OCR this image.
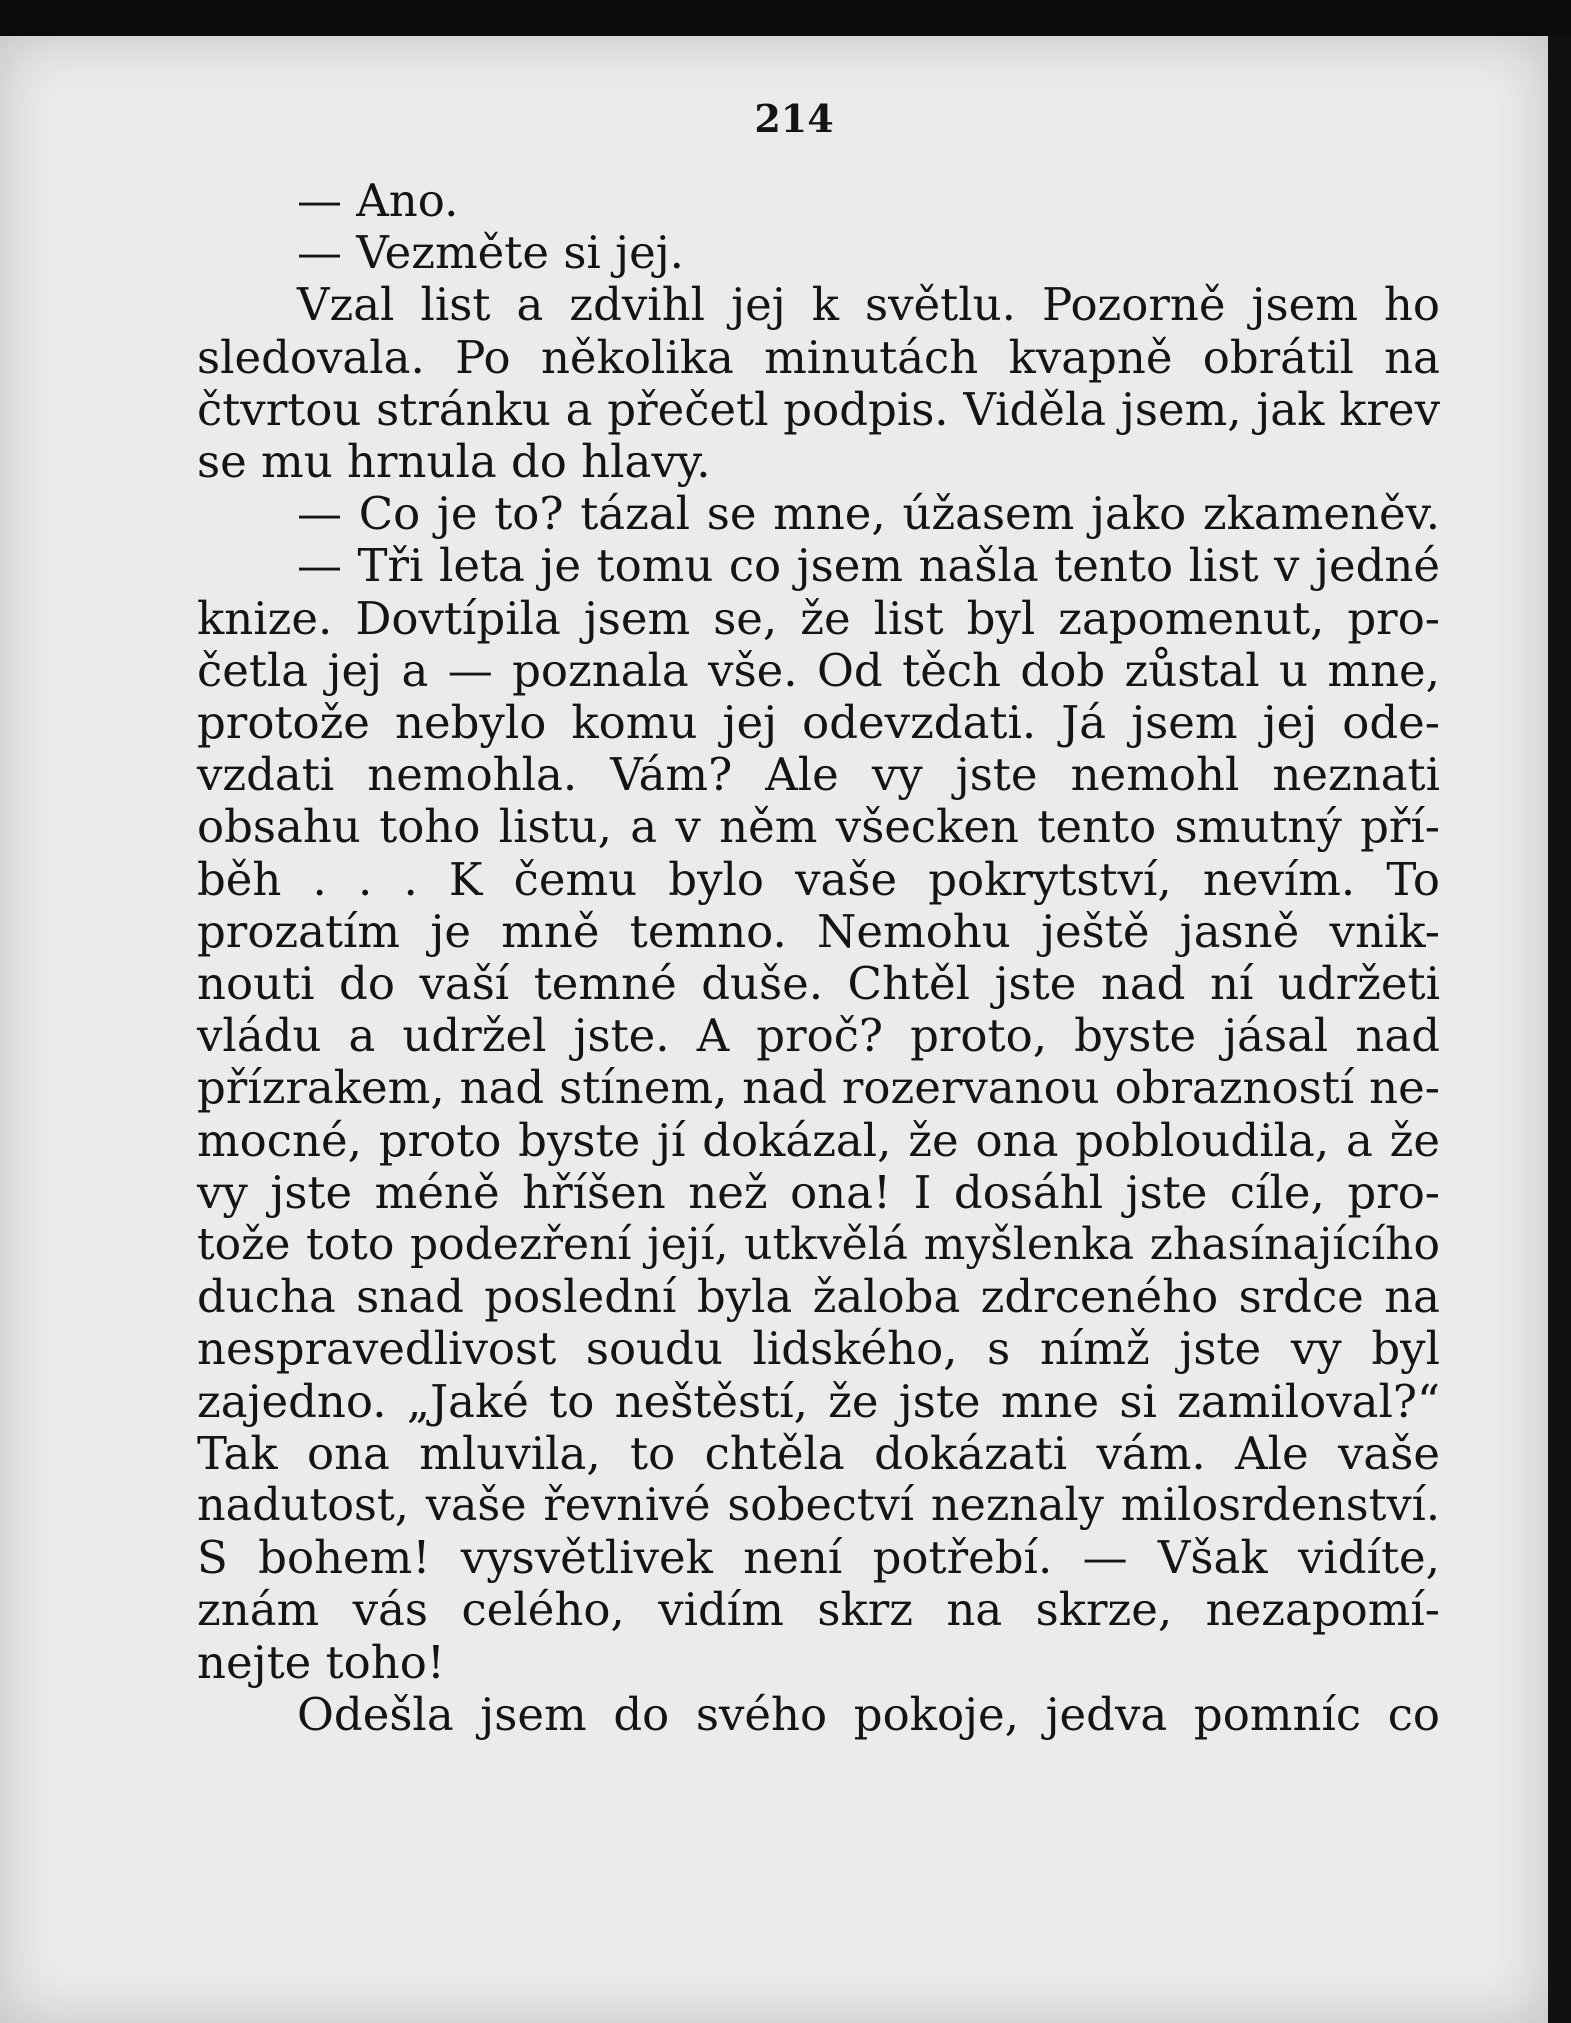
214
— Ano.
— Vezměte si jej.
Vzal list a zdvihl jej k světlu. Pozorně jsem ho
sledovala. Po několika minutách kvapně obrátil na
čtvrtou stránku a přečetl podpis. Viděla jsem, jak krev
se mu hrnula do hlavy.
— Co je to? tázal se mne, úžasem jako zkameněv.
— Tři leta je tomu co jsem našla tento list v jedné
knize. Dovtípila jsem se, že list byl zapomenut, pro-
četla jej a — poznala vše. Od těch dob zůstal u mne,
protože nebylo komu jej odevzdati. Já jsem jej ode-
vzdati nemohla. Vám? Ale vy jste nemohl neznati
obsahu toho listu, a v něm všecken tento smutný pří-
běh . . . K čemu bylo vaše pokrytství, nevím. To
prozatím je mně temno. Nemohu ještě jasně vnik-
nouti do vaší temné duše. Chtěl jste nad ní udržeti
vládu a udržel jste. A proč? proto, byste jásal nad
přízrakem, nad stínem, nad rozervanou obrazností ne-
mocné, proto byste jí dokázal, že ona pobloudila, a že
vy jste méně hříšen než ona! I dosáhl jste cíle, pro-
tože toto podezření její, utkvělá myšlenka zhasínajícího
ducha snad poslední byla žaloba zdrceného srdce na
nespravedlivost soudu lidského, s nímž jste vy byl
zajedno. „Jaké to neštěstí, že jste mne si zamiloval?“
Tak ona mluvila, to chtěla dokázati vám. Ale vaše
nadutost, vaše řevnivé sobectví neznaly milosrdenství.
S bohem! vysvětlivek není potřebí. — Však vidíte,
znám vás celého, vidím skrz na skrze, nezapomí-
nejte toho!
Odešla jsem do svého pokoje, jedva pomníc co
